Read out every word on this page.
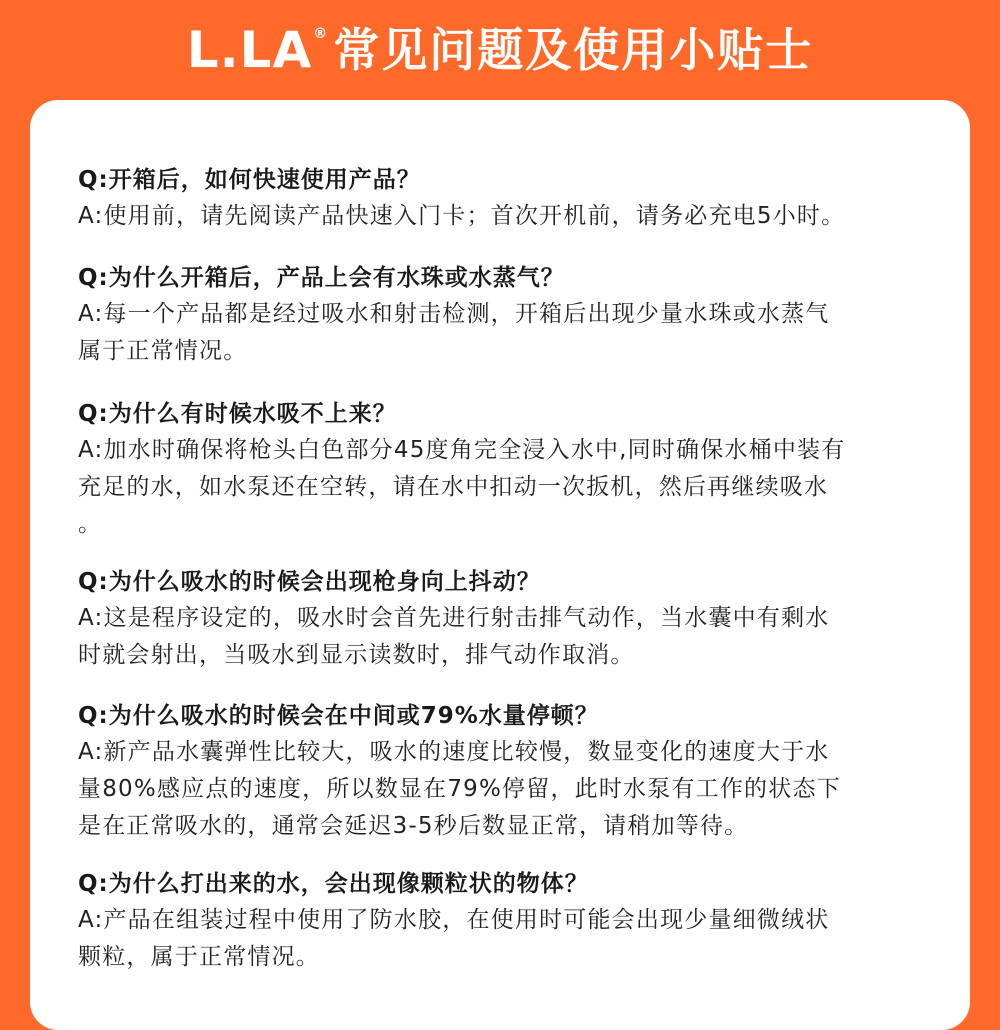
L.LA ® 常见问题及使用小贴士
Q:开箱后，如何快速使用产品？
A:使用前，请先阅读产品快速入门卡；首次开机前，请务必充电5小时。
Q:为什么开箱后，产品上会有水珠或水蒸气？
A:每一个产品都是经过吸水和射击检测，开箱后出现少量水珠或水蒸气
属于正常情况。
Q:为什么有时候水吸不上来？
A:加水时确保将枪头白色部分45度角完全浸入水中,同时确保水桶中装有
充足的水，如水泵还在空转，请在水中扣动一次扳机，然后再继续吸水
。
Q:为什么吸水的时候会出现枪身向上抖动？
A:这是程序设定的，吸水时会首先进行射击排气动作，当水囊中有剩水
时就会射出，当吸水到显示读数时，排气动作取消。
Q:为什么吸水的时候会在中间或79%水量停顿？
A:新产品水囊弹性比较大，吸水的速度比较慢，数显变化的速度大于水
量80%感应点的速度，所以数显在79%停留，此时水泵有工作的状态下
是在正常吸水的，通常会延迟3-5秒后数显正常，请稍加等待。
Q:为什么打出来的水，会出现像颗粒状的物体？
A:产品在组装过程中使用了防水胶，在使用时可能会出现少量细微绒状
颗粒，属于正常情况。
